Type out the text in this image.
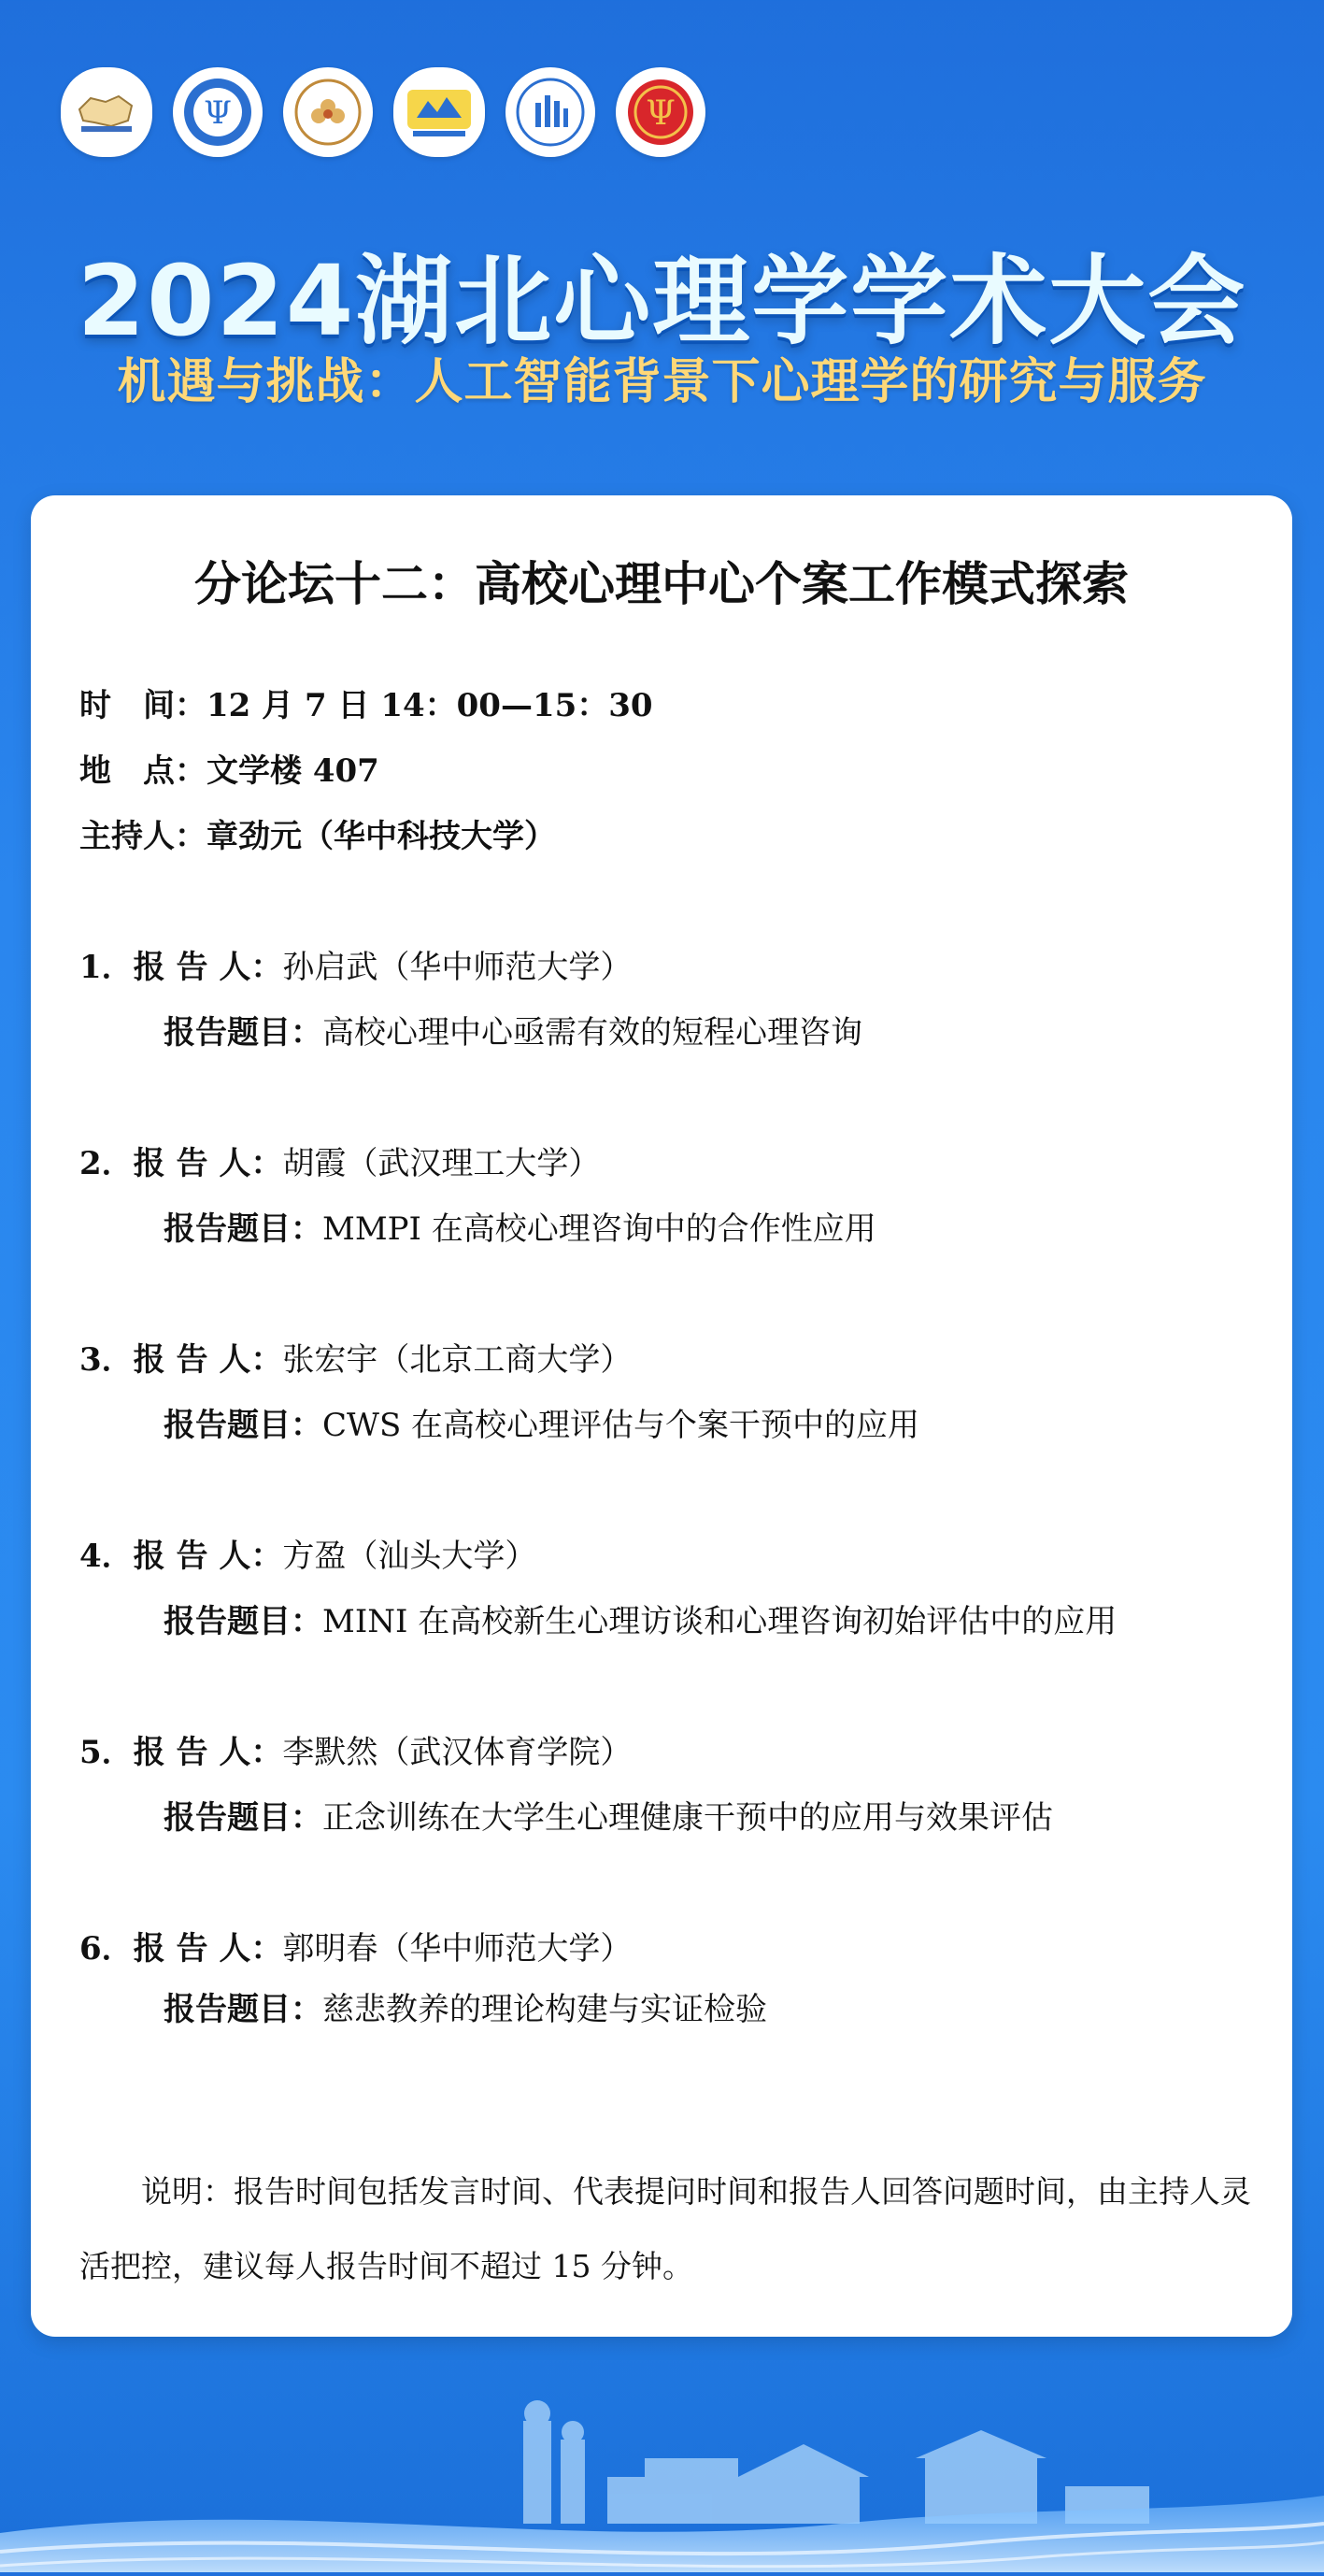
Ψ	Ψ
2024湖北心理学学术大会
机遇与挑战：人工智能背景下心理学的研究与服务
分论坛十二：高校心理中心个案工作模式探索
时　间：12 月 7 日 14：00—15：30
地　点：文学楼 407
主持人：章劲元（华中科技大学）
1．报 告 人：孙启武（华中师范大学）
报告题目：高校心理中心亟需有效的短程心理咨询
2．报 告 人：胡霞（武汉理工大学）
报告题目：MMPI 在高校心理咨询中的合作性应用
3．报 告 人：张宏宇（北京工商大学）
报告题目：CWS 在高校心理评估与个案干预中的应用
4．报 告 人：方盈（汕头大学）
报告题目：MINI 在高校新生心理访谈和心理咨询初始评估中的应用
5．报 告 人：李默然（武汉体育学院）
报告题目：正念训练在大学生心理健康干预中的应用与效果评估
6．报 告 人：郭明春（华中师范大学）
报告题目：慈悲教养的理论构建与实证检验
说明：报告时间包括发言时间、代表提问时间和报告人回答问题时间，由主持人灵活把控，建议每人报告时间不超过 15 分钟。
